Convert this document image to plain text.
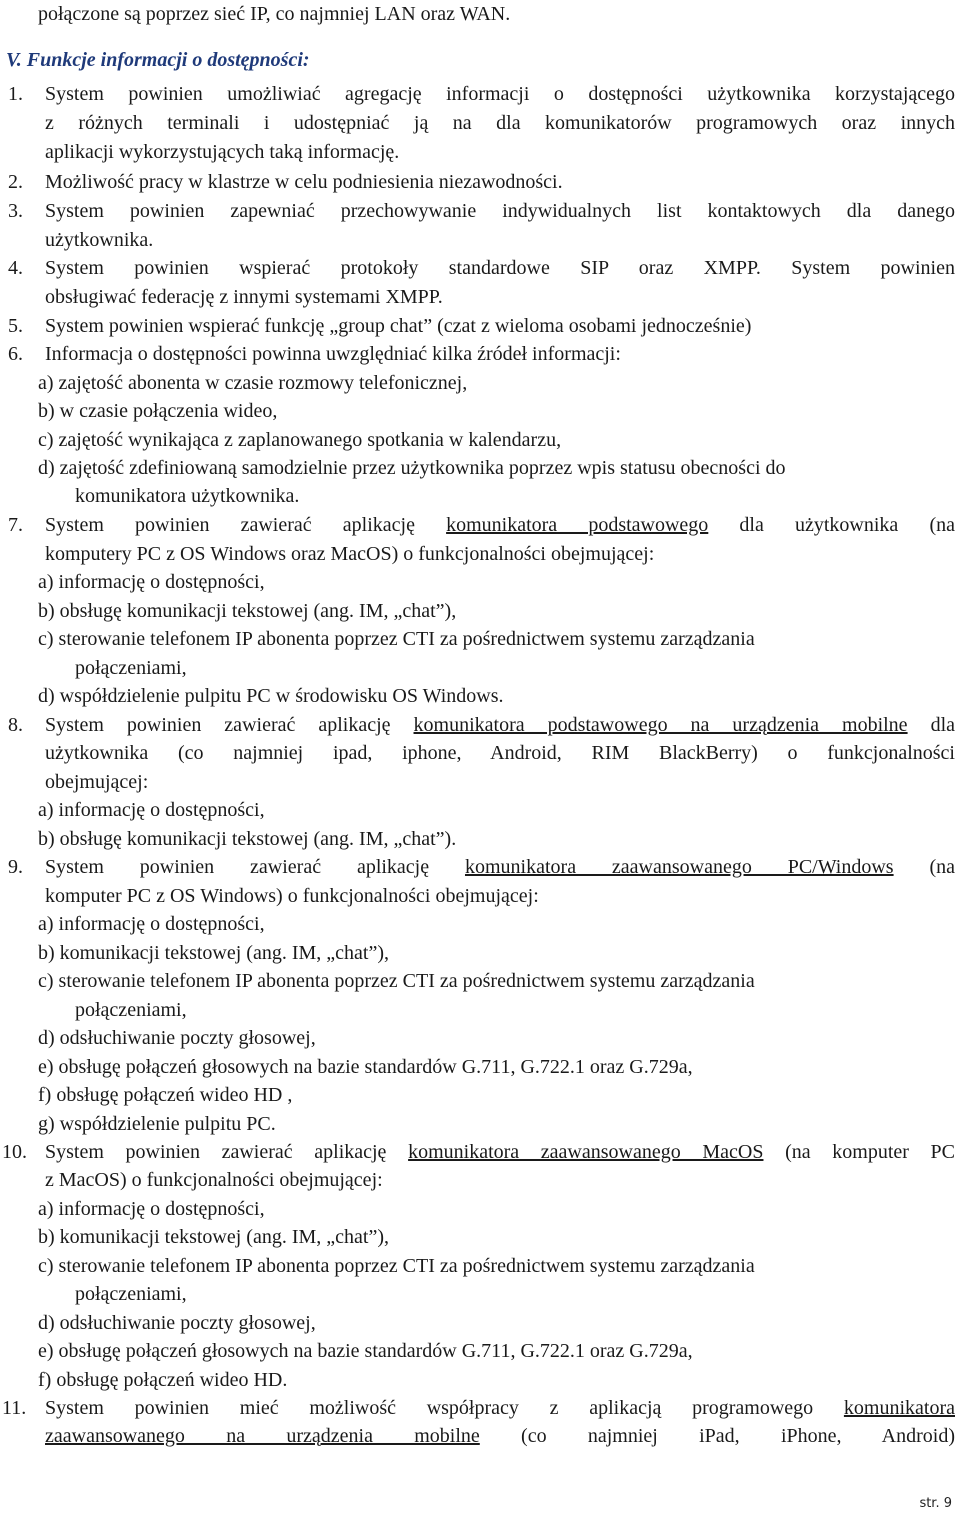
połączone są poprzez sieć IP, co najmniej LAN oraz WAN.
V. Funkcje informacji o dostępności:
1. System powinien umożliwiać agregację informacji o dostępności użytkownika korzystającego
z różnych terminali i udostępniać ją na dla komunikatorów programowych oraz innych
aplikacji wykorzystujących taką informację.
2. Możliwość pracy w klastrze w celu podniesienia niezawodności.
3. System powinien zapewniać przechowywanie indywidualnych list kontaktowych dla danego
użytkownika.
4. System powinien wspierać protokoły standardowe SIP oraz XMPP. System powinien
obsługiwać federację z innymi systemami XMPP.
5. System powinien wspierać funkcję „group chat” (czat z wieloma osobami jednocześnie)
6. Informacja o dostępności powinna uwzględniać kilka źródeł informacji:
a) zajętość abonenta w czasie rozmowy telefonicznej,
b) w czasie połączenia wideo,
c) zajętość wynikająca z zaplanowanego spotkania w kalendarzu,
d) zajętość zdefiniowaną samodzielnie przez użytkownika poprzez wpis statusu obecności do
komunikatora użytkownika.
7. System powinien zawierać aplikację komunikatora podstawowego dla użytkownika (na
komputery PC z OS Windows oraz MacOS) o funkcjonalności obejmującej:
a) informację o dostępności,
b) obsługę komunikacji tekstowej (ang. IM, „chat”),
c) sterowanie telefonem IP abonenta poprzez CTI za pośrednictwem systemu zarządzania
połączeniami,
d) współdzielenie pulpitu PC w środowisku OS Windows.
8. System powinien zawierać aplikację komunikatora podstawowego na urządzenia mobilne dla
użytkownika (co najmniej ipad, iphone, Android, RIM BlackBerry) o funkcjonalności
obejmującej:
a) informację o dostępności,
b) obsługę komunikacji tekstowej (ang. IM, „chat”).
9. System powinien zawierać aplikację komunikatora zaawansowanego PC/Windows (na
komputer PC z OS Windows) o funkcjonalności obejmującej:
a) informację o dostępności,
b) komunikacji tekstowej (ang. IM, „chat”),
c) sterowanie telefonem IP abonenta poprzez CTI za pośrednictwem systemu zarządzania
połączeniami,
d) odsłuchiwanie poczty głosowej,
e) obsługę połączeń głosowych na bazie standardów G.711, G.722.1 oraz G.729a,
f) obsługę połączeń wideo HD ,
g) współdzielenie pulpitu PC.
10. System powinien zawierać aplikację komunikatora zaawansowanego MacOS (na komputer PC
z MacOS) o funkcjonalności obejmującej:
a) informację o dostępności,
b) komunikacji tekstowej (ang. IM, „chat”),
c) sterowanie telefonem IP abonenta poprzez CTI za pośrednictwem systemu zarządzania
połączeniami,
d) odsłuchiwanie poczty głosowej,
e) obsługę połączeń głosowych na bazie standardów G.711, G.722.1 oraz G.729a,
f) obsługę połączeń wideo HD.
11. System powinien mieć możliwość współpracy z aplikacją programowego komunikatora
zaawansowanego na urządzenia mobilne (co najmniej iPad, iPhone, Android)
str. 9
